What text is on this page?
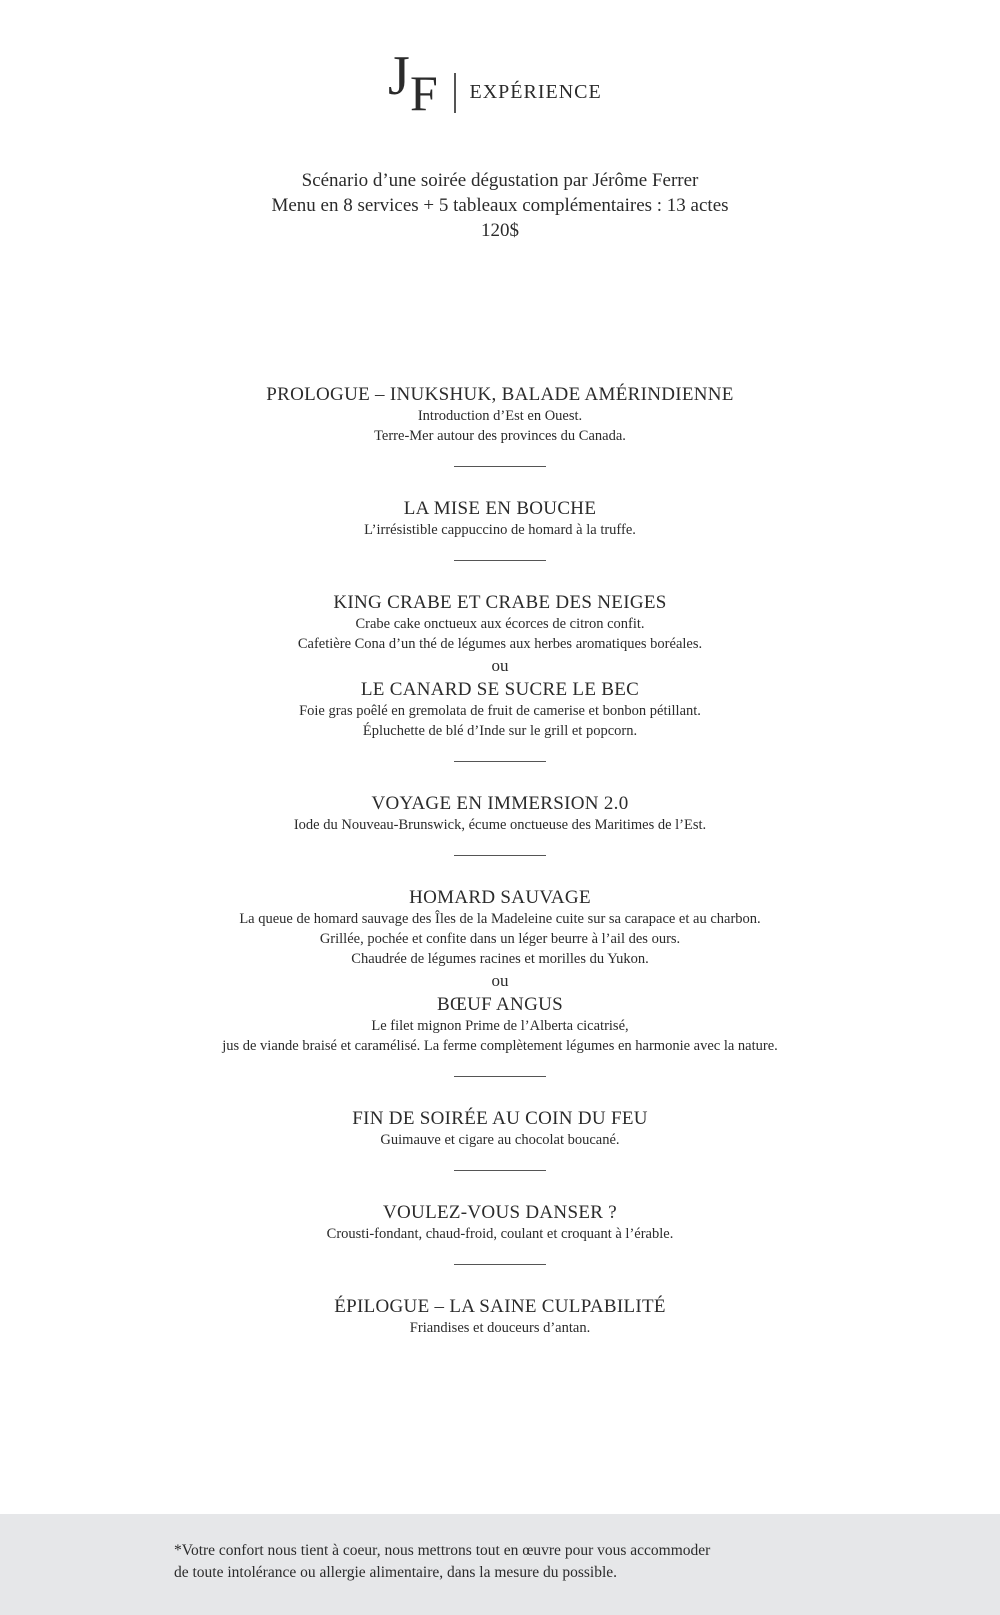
J F EXPÉRIENCE
Scénario d’une soirée dégustation par Jérôme Ferrer
Menu en 8 services + 5 tableaux complémentaires : 13 actes
120$
PROLOGUE – INUKSHUK, BALADE AMÉRINDIENNE
Introduction d’Est en Ouest.
Terre-Mer autour des provinces du Canada.
LA MISE EN BOUCHE
L’irrésistible cappuccino de homard à la truffe.
KING CRABE ET CRABE DES NEIGES
Crabe cake onctueux aux écorces de citron confit.
Cafetière Cona d’un thé de légumes aux herbes aromatiques boréales.
ou
LE CANARD SE SUCRE LE BEC
Foie gras poêlé en gremolata de fruit de camerise et bonbon pétillant.
Épluchette de blé d’Inde sur le grill et popcorn.
VOYAGE EN IMMERSION 2.0
Iode du Nouveau-Brunswick, écume onctueuse des Maritimes de l’Est.
HOMARD SAUVAGE
La queue de homard sauvage des Îles de la Madeleine cuite sur sa carapace et au charbon.
Grillée, pochée et confite dans un léger beurre à l’ail des ours.
Chaudrée de légumes racines et morilles du Yukon.
ou
BŒUF ANGUS
Le filet mignon Prime de l’Alberta cicatrisé,
jus de viande braisé et caramélisé. La ferme complètement légumes en harmonie avec la nature.
FIN DE SOIRÉE AU COIN DU FEU
Guimauve et cigare au chocolat boucané.
VOULEZ-VOUS DANSER ?
Crousti-fondant, chaud-froid, coulant et croquant à l’érable.
ÉPILOGUE – LA SAINE CULPABILITÉ
Friandises et douceurs d’antan.
*Votre confort nous tient à coeur, nous mettrons tout en œuvre pour vous accommoder
de toute intolérance ou allergie alimentaire, dans la mesure du possible.
